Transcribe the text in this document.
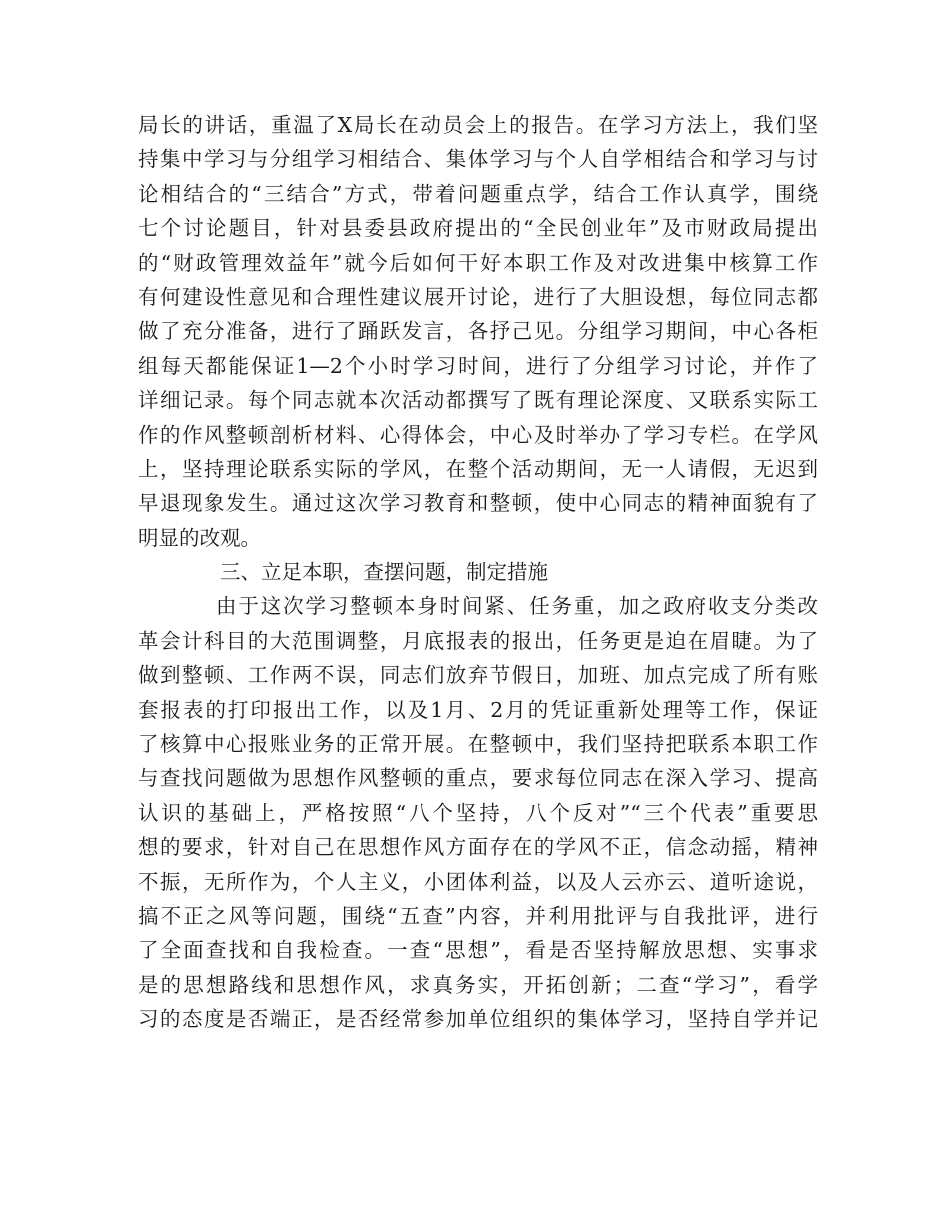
局长的讲话，重温了X局长在动员会上的报告。在学习方法上，我们坚
持集中学习与分组学习相结合、集体学习与个人自学相结合和学习与讨
论相结合的“三结合”方式，带着问题重点学，结合工作认真学，围绕
七个讨论题目，针对县委县政府提出的“全民创业年”及市财政局提出
的“财政管理效益年”就今后如何干好本职工作及对改进集中核算工作
有何建设性意见和合理性建议展开讨论，进行了大胆设想，每位同志都
做了充分准备，进行了踊跃发言，各抒己见。分组学习期间，中心各柜
组每天都能保证1—2个小时学习时间，进行了分组学习讨论，并作了
详细记录。每个同志就本次活动都撰写了既有理论深度、又联系实际工
作的作风整顿剖析材料、心得体会，中心及时举办了学习专栏。在学风
上，坚持理论联系实际的学风，在整个活动期间，无一人请假，无迟到
早退现象发生。通过这次学习教育和整顿，使中心同志的精神面貌有了
明显的改观。
三、立足本职，查摆问题，制定措施
由于这次学习整顿本身时间紧、任务重，加之政府收支分类改
革会计科目的大范围调整，月底报表的报出，任务更是迫在眉睫。为了
做到整顿、工作两不误，同志们放弃节假日，加班、加点完成了所有账
套报表的打印报出工作，以及1月、2月的凭证重新处理等工作，保证
了核算中心报账业务的正常开展。在整顿中，我们坚持把联系本职工作
与查找问题做为思想作风整顿的重点，要求每位同志在深入学习、提高
认识的基础上，严格按照“八个坚持，八个反对”“三个代表”重要思
想的要求，针对自己在思想作风方面存在的学风不正，信念动摇，精神
不振，无所作为，个人主义，小团体利益，以及人云亦云、道听途说，
搞不正之风等问题，围绕“五查”内容，并利用批评与自我批评，进行
了全面查找和自我检查。一查“思想”，看是否坚持解放思想、实事求
是的思想路线和思想作风，求真务实，开拓创新；二查“学习”，看学
习的态度是否端正，是否经常参加单位组织的集体学习，坚持自学并记
